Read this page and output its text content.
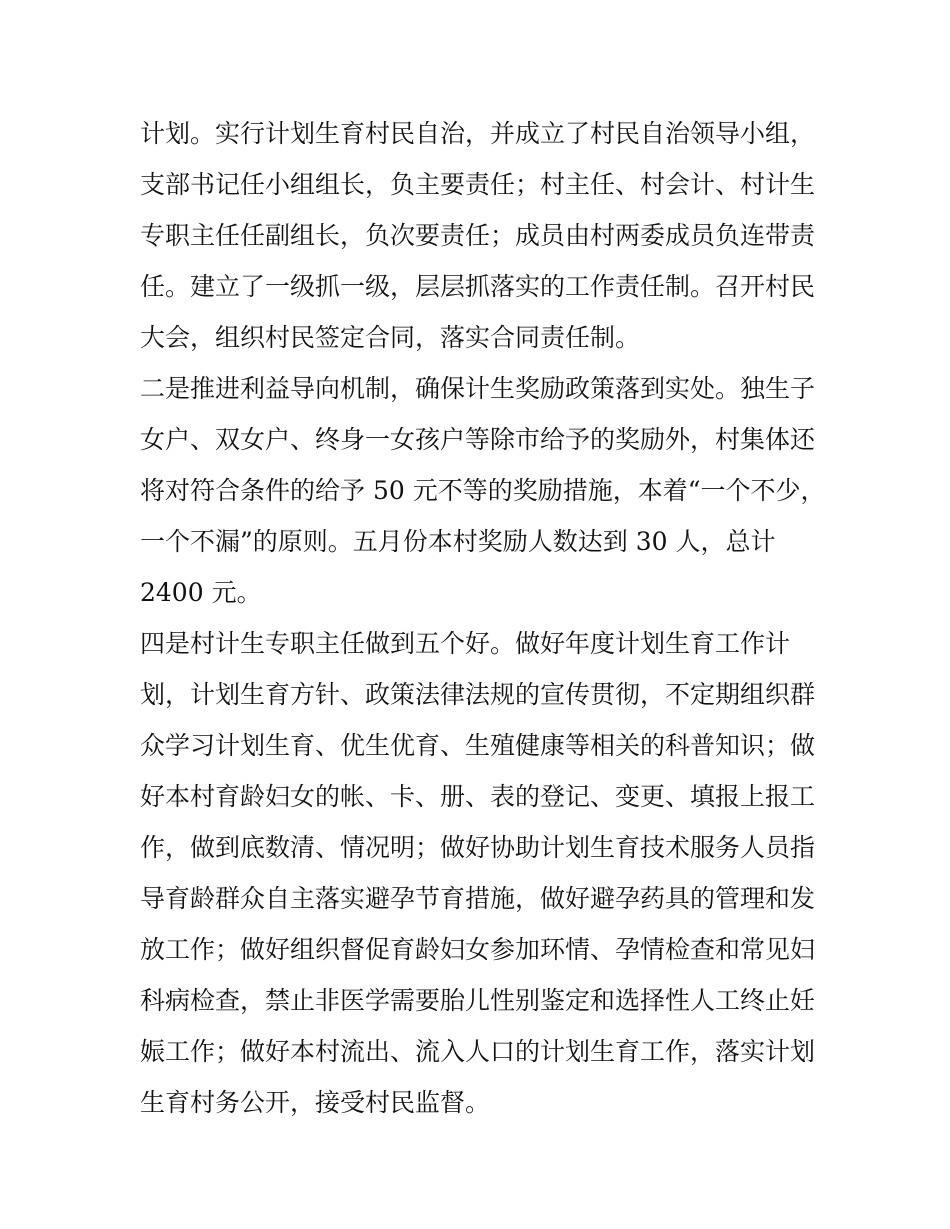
计划。实行计划生育村民自治，并成立了村民自治领导小组，
支部书记任小组组长，负主要责任；村主任、村会计、村计生
专职主任任副组长，负次要责任；成员由村两委成员负连带责
任。建立了一级抓一级，层层抓落实的工作责任制。召开村民
大会，组织村民签定合同，落实合同责任制。
二是推进利益导向机制，确保计生奖励政策落到实处。独生子
女户、双女户、终身一女孩户等除市给予的奖励外，村集体还
将对符合条件的给予 50 元不等的奖励措施，本着“一个不少，
一个不漏”的原则。五月份本村奖励人数达到 30 人，总计
2400 元。
四是村计生专职主任做到五个好。做好年度计划生育工作计
划，计划生育方针、政策法律法规的宣传贯彻，不定期组织群
众学习计划生育、优生优育、生殖健康等相关的科普知识；做
好本村育龄妇女的帐、卡、册、表的登记、变更、填报上报工
作，做到底数清、情况明；做好协助计划生育技术服务人员指
导育龄群众自主落实避孕节育措施，做好避孕药具的管理和发
放工作；做好组织督促育龄妇女参加环情、孕情检查和常见妇
科病检查，禁止非医学需要胎儿性别鉴定和选择性人工终止妊
娠工作；做好本村流出、流入人口的计划生育工作，落实计划
生育村务公开，接受村民监督。
